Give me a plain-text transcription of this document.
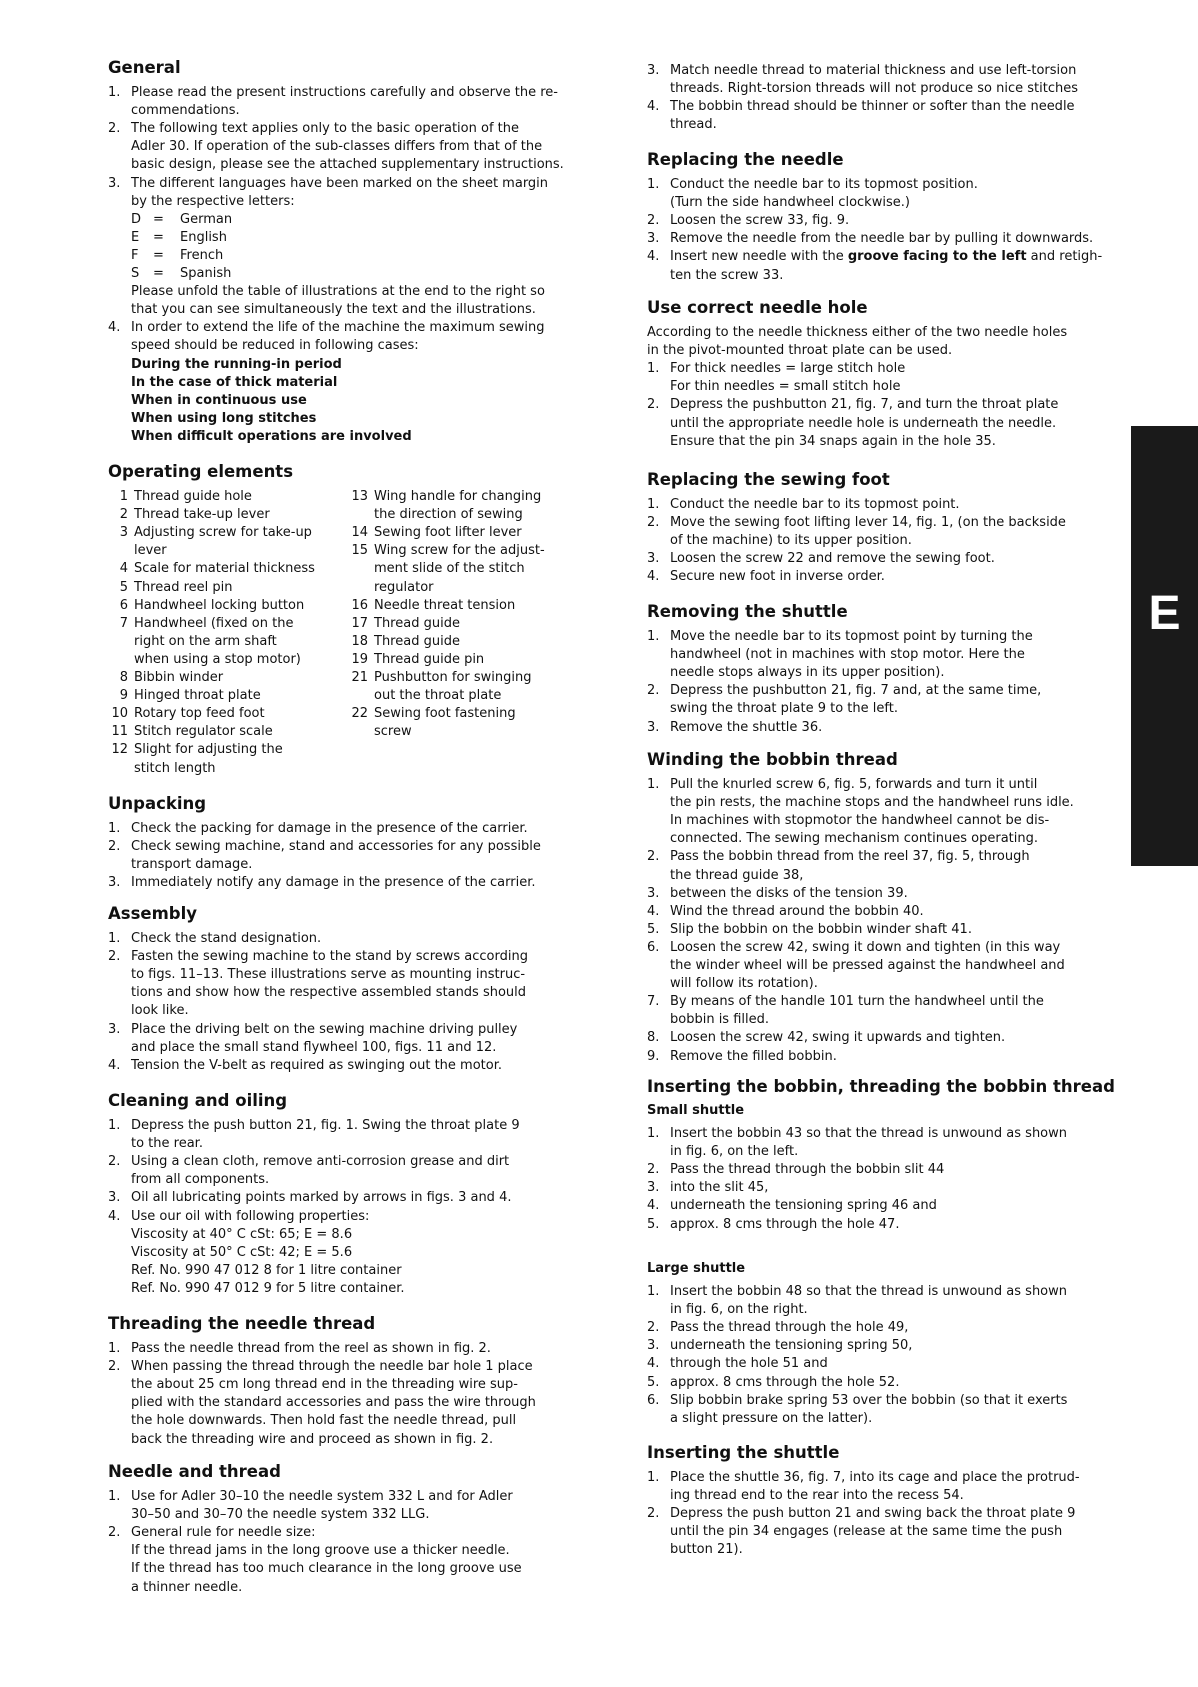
General
1. Please read the present instructions carefully and observe the re-
commendations.
2. The following text applies only to the basic operation of the
Adler 30. If operation of the sub-classes differs from that of the
basic design, please see the attached supplementary instructions.
3. The different languages have been marked on the sheet margin
by the respective letters:
D = German
E = English
F = French
S = Spanish
Please unfold the table of illustrations at the end to the right so
that you can see simultaneously the text and the illustrations.
4. In order to extend the life of the machine the maximum sewing
speed should be reduced in following cases:
During the running-in period
In the case of thick material
When in continuous use
When using long stitches
When difficult operations are involved
Operating elements
1 Thread guide hole
2 Thread take-up lever
3 Adjusting screw for take-up
lever
4 Scale for material thickness
5 Thread reel pin
6 Handwheel locking button
7 Handwheel (fixed on the
right on the arm shaft
when using a stop motor)
8 Bibbin winder
9 Hinged throat plate
10 Rotary top feed foot
11 Stitch regulator scale
12 Slight for adjusting the
stitch length
13 Wing handle for changing
the direction of sewing
14 Sewing foot lifter lever
15 Wing screw for the adjust-
ment slide of the stitch
regulator
16 Needle threat tension
17 Thread guide
18 Thread guide
19 Thread guide pin
21 Pushbutton for swinging
out the throat plate
22 Sewing foot fastening
screw
Unpacking
1. Check the packing for damage in the presence of the carrier.
2. Check sewing machine, stand and accessories for any possible
transport damage.
3. Immediately notify any damage in the presence of the carrier.
Assembly
1. Check the stand designation.
2. Fasten the sewing machine to the stand by screws according
to figs. 11–13. These illustrations serve as mounting instruc-
tions and show how the respective assembled stands should
look like.
3. Place the driving belt on the sewing machine driving pulley
and place the small stand flywheel 100, figs. 11 and 12.
4. Tension the V-belt as required as swinging out the motor.
Cleaning and oiling
1. Depress the push button 21, fig. 1. Swing the throat plate 9
to the rear.
2. Using a clean cloth, remove anti-corrosion grease and dirt
from all components.
3. Oil all lubricating points marked by arrows in figs. 3 and 4.
4. Use our oil with following properties:
Viscosity at 40° C cSt: 65; E = 8.6
Viscosity at 50° C cSt: 42; E = 5.6
Ref. No. 990 47 012 8 for 1 litre container
Ref. No. 990 47 012 9 for 5 litre container.
Threading the needle thread
1. Pass the needle thread from the reel as shown in fig. 2.
2. When passing the thread through the needle bar hole 1 place
the about 25 cm long thread end in the threading wire sup-
plied with the standard accessories and pass the wire through
the hole downwards. Then hold fast the needle thread, pull
back the threading wire and proceed as shown in fig. 2.
Needle and thread
1. Use for Adler 30–10 the needle system 332 L and for Adler
30–50 and 30–70 the needle system 332 LLG.
2. General rule for needle size:
If the thread jams in the long groove use a thicker needle.
If the thread has too much clearance in the long groove use
a thinner needle.
3. Match needle thread to material thickness and use left-torsion
threads. Right-torsion threads will not produce so nice stitches
4. The bobbin thread should be thinner or softer than the needle
thread.
Replacing the needle
1. Conduct the needle bar to its topmost position.
(Turn the side handwheel clockwise.)
2. Loosen the screw 33, fig. 9.
3. Remove the needle from the needle bar by pulling it downwards.
4. Insert new needle with the groove facing to the left and retigh-
ten the screw 33.
Use correct needle hole
According to the needle thickness either of the two needle holes
in the pivot-mounted throat plate can be used.
1. For thick needles = large stitch hole
For thin needles = small stitch hole
2. Depress the pushbutton 21, fig. 7, and turn the throat plate
until the appropriate needle hole is underneath the needle.
Ensure that the pin 34 snaps again in the hole 35.
Replacing the sewing foot
1. Conduct the needle bar to its topmost point.
2. Move the sewing foot lifting lever 14, fig. 1, (on the backside
of the machine) to its upper position.
3. Loosen the screw 22 and remove the sewing foot.
4. Secure new foot in inverse order.
Removing the shuttle
1. Move the needle bar to its topmost point by turning the
handwheel (not in machines with stop motor. Here the
needle stops always in its upper position).
2. Depress the pushbutton 21, fig. 7 and, at the same time,
swing the throat plate 9 to the left.
3. Remove the shuttle 36.
Winding the bobbin thread
1. Pull the knurled screw 6, fig. 5, forwards and turn it until
the pin rests, the machine stops and the handwheel runs idle.
In machines with stopmotor the handwheel cannot be dis-
connected. The sewing mechanism continues operating.
2. Pass the bobbin thread from the reel 37, fig. 5, through
the thread guide 38,
3. between the disks of the tension 39.
4. Wind the thread around the bobbin 40.
5. Slip the bobbin on the bobbin winder shaft 41.
6. Loosen the screw 42, swing it down and tighten (in this way
the winder wheel will be pressed against the handwheel and
will follow its rotation).
7. By means of the handle 101 turn the handwheel until the
bobbin is filled.
8. Loosen the screw 42, swing it upwards and tighten.
9. Remove the filled bobbin.
Inserting the bobbin, threading the bobbin thread
Small shuttle
1. Insert the bobbin 43 so that the thread is unwound as shown
in fig. 6, on the left.
2. Pass the thread through the bobbin slit 44
3. into the slit 45,
4. underneath the tensioning spring 46 and
5. approx. 8 cms through the hole 47.
Large shuttle
1. Insert the bobbin 48 so that the thread is unwound as shown
in fig. 6, on the right.
2. Pass the thread through the hole 49,
3. underneath the tensioning spring 50,
4. through the hole 51 and
5. approx. 8 cms through the hole 52.
6. Slip bobbin brake spring 53 over the bobbin (so that it exerts
a slight pressure on the latter).
Inserting the shuttle
1. Place the shuttle 36, fig. 7, into its cage and place the protrud-
ing thread end to the rear into the recess 54.
2. Depress the push button 21 and swing back the throat plate 9
until the pin 34 engages (release at the same time the push
button 21).
E
